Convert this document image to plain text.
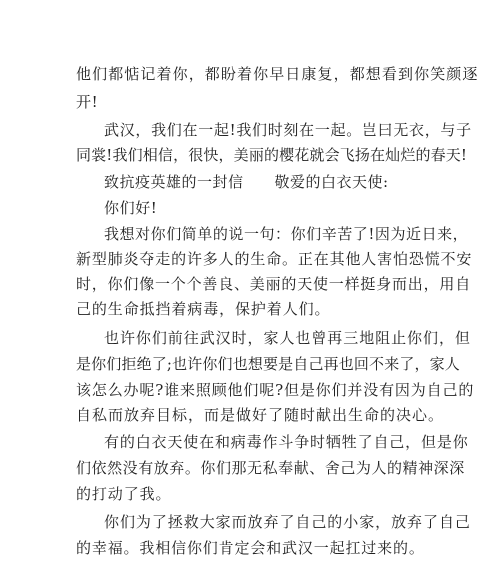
他们都惦记着你，都盼着你早日康复，都想看到你笑颜逐
开!
武汉，我们在一起!我们时刻在一起。岂曰无衣，与子
同裳!我们相信，很快，美丽的樱花就会飞扬在灿烂的春天!
致抗疫英雄的一封信　　敬爱的白衣天使:
你们好!
我想对你们简单的说一句：你们辛苦了!因为近日来，
新型肺炎夺走的许多人的生命。正在其他人害怕恐慌不安
时，你们像一个个善良、美丽的天使一样挺身而出，用自
己的生命抵挡着病毒，保护着人们。
也许你们前往武汉时，家人也曾再三地阻止你们，但
是你们拒绝了;也许你们也想要是自己再也回不来了，家人
该怎么办呢?谁来照顾他们呢?但是你们并没有因为自己的
自私而放弃目标，而是做好了随时献出生命的决心。
有的白衣天使在和病毒作斗争时牺牲了自己，但是你
们依然没有放弃。你们那无私奉献、舍己为人的精神深深
的打动了我。
你们为了拯救大家而放弃了自己的小家，放弃了自己
的幸福。我相信你们肯定会和武汉一起扛过来的。
